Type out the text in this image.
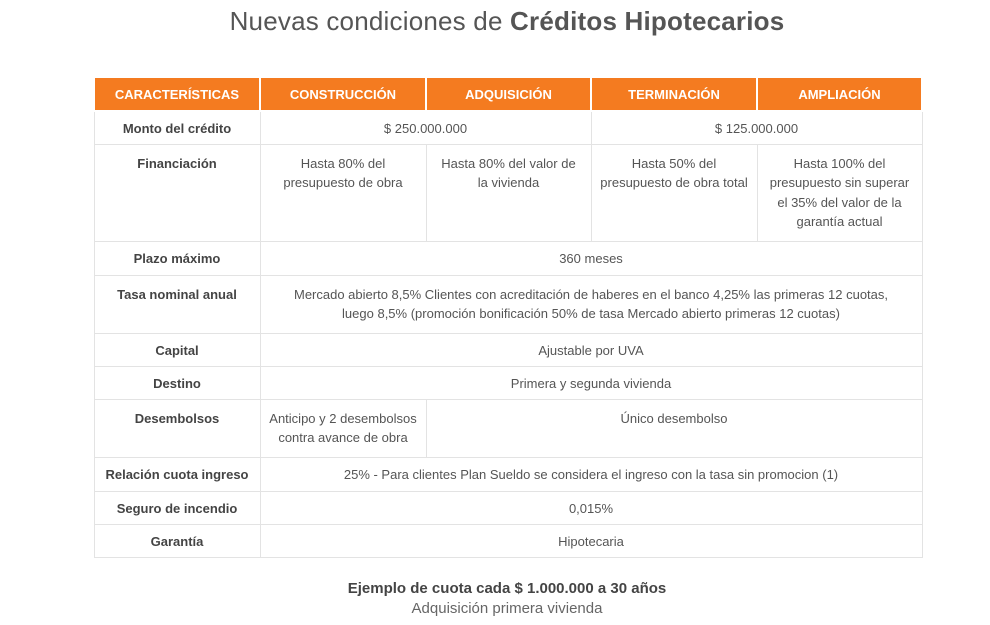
Nuevas condiciones de Créditos Hipotecarios
CARACTERÍSTICAS	CONSTRUCCIÓN	ADQUISICIÓN	TERMINACIÓN	AMPLIACIÓN
Monto del crédito	$ 250.000.000		$ 125.000.000	
Financiación	Hasta 80% del presupuesto de obra	Hasta 80% del valor de la vivienda	Hasta 50% del presupuesto de obra total	Hasta 100% del presupuesto sin superar el 35% del valor de la garantía actual
Plazo máximo	360 meses			
Tasa nominal anual	Mercado abierto 8,5% Clientes con acreditación de haberes en el banco 4,25% las primeras 12 cuotas, luego 8,5% (promoción bonificación 50% de tasa Mercado abierto primeras 12 cuotas)			
Capital	Ajustable por UVA			
Destino	Primera y segunda vivienda			
Desembolsos	Anticipo y 2 desembolsos contra avance de obra	Único desembolso		
Relación cuota ingreso	25% - Para clientes Plan Sueldo se considera el ingreso con la tasa sin promocion (1)			
Seguro de incendio	0,015%			
Garantía	Hipotecaria			
Ejemplo de cuota cada $ 1.000.000 a 30 años
Adquisición primera vivienda
